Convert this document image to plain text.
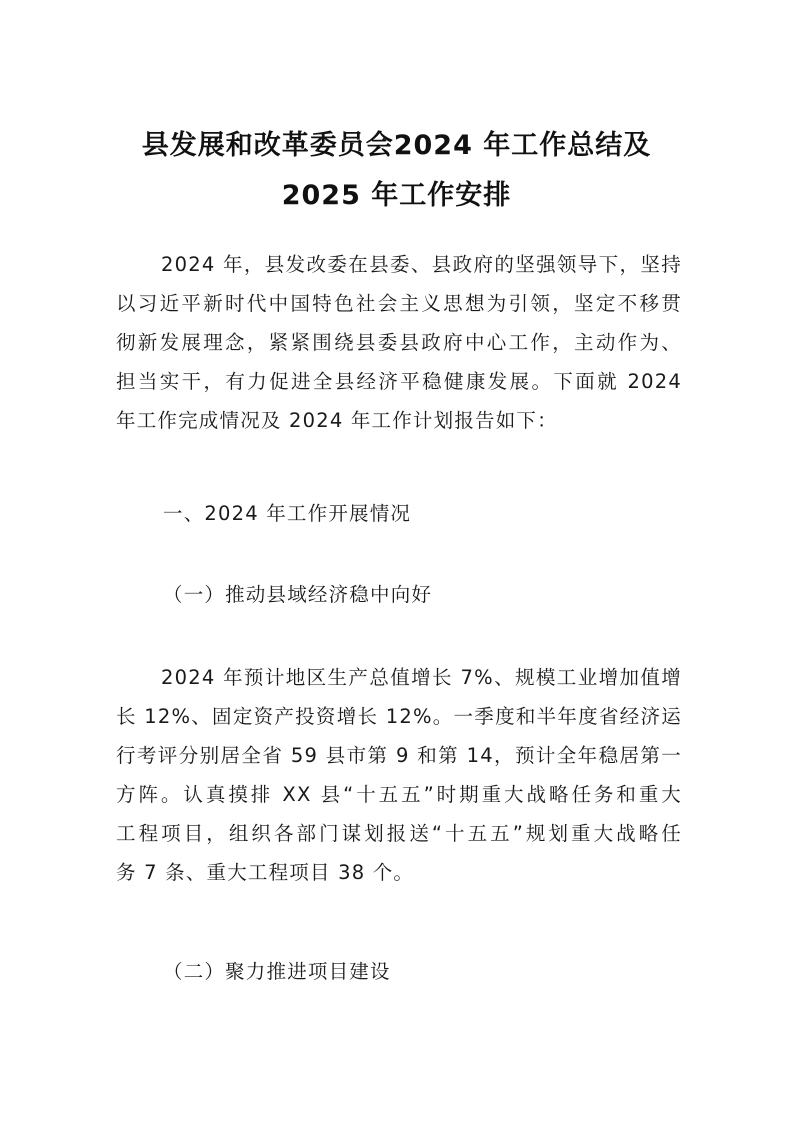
县发展和改革委员会2024 年工作总结及
2025 年工作安排
2024 年，县发改委在县委、县政府的坚强领导下，坚持
以习近平新时代中国特色社会主义思想为引领，坚定不移贯
彻新发展理念，紧紧围绕县委县政府中心工作，主动作为、
担当实干，有力促进全县经济平稳健康发展。下面就 2024
年工作完成情况及 2024 年工作计划报告如下：
一、2024 年工作开展情况
（一）推动县域经济稳中向好
2024 年预计地区生产总值增长 7%、规模工业增加值增
长 12%、固定资产投资增长 12%。一季度和半年度省经济运
行考评分别居全省 59 县市第 9 和第 14，预计全年稳居第一
方阵。认真摸排 XX 县“十五五”时期重大战略任务和重大
工程项目，组织各部门谋划报送“十五五”规划重大战略任
务 7 条、重大工程项目 38 个。
（二）聚力推进项目建设
